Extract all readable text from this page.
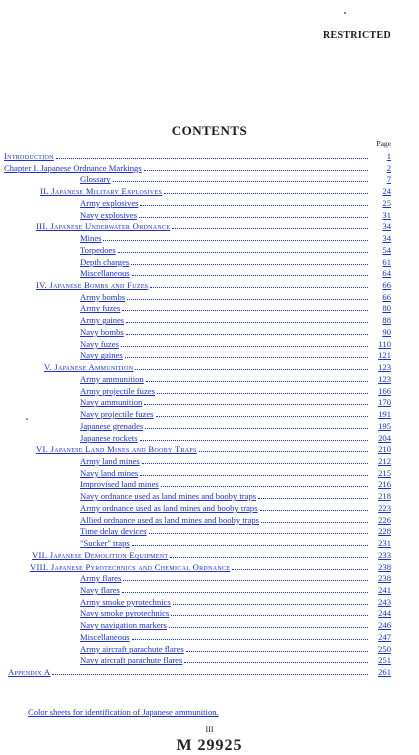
RESTRICTED
CONTENTS
Page
Introduction	1
Chapter I. Japanese Ordnance Markings	2
Glossary	7
II. Japanese Military Explosives	24
Army explosives	25
Navy explosives	31
III. Japanese Underwater Ordnance	34
Mines	34
Torpedoes	54
Depth charges	61
Miscellaneous	64
IV. Japanese Bombs and Fuzes	66
Army bombs	66
Army fuzes	80
Army gaines	88
Navy bombs	90
Navy fuzes	110
Navy gaines	121
V. Japanese Ammunition	123
Army ammunition	123
Army projectile fuzes	166
Navy ammunition	170
Navy projectile fuzes	191
Japanese grenades	195
Japanese rockets	204
VI. Japanese Land Mines and Booby Traps	210
Army land mines	212
Navy land mines	215
Improvised land mines	216
Navy ordnance used as land mines and booby traps	218
Army ordnance used as land mines and booby traps	223
Allied ordnance used as land mines and booby traps	226
Time delay devices	228
"Sucker" traps	231
VII. Japanese Demolition Equipment	233
VIII. Japanese Pyrotechnics and Chemical Ordnance	238
Army flares	238
Navy flares	241
Army smoke pyrotechnics	243
Navy smoke pyrotechnics	244
Navy navigation markers	246
Miscellaneous	247
Army aircraft parachute flares	250
Navy aircraft parachute flares	251
Appendix A	261
Color sheets for identification of Japanese ammunition.
III
M 29925
